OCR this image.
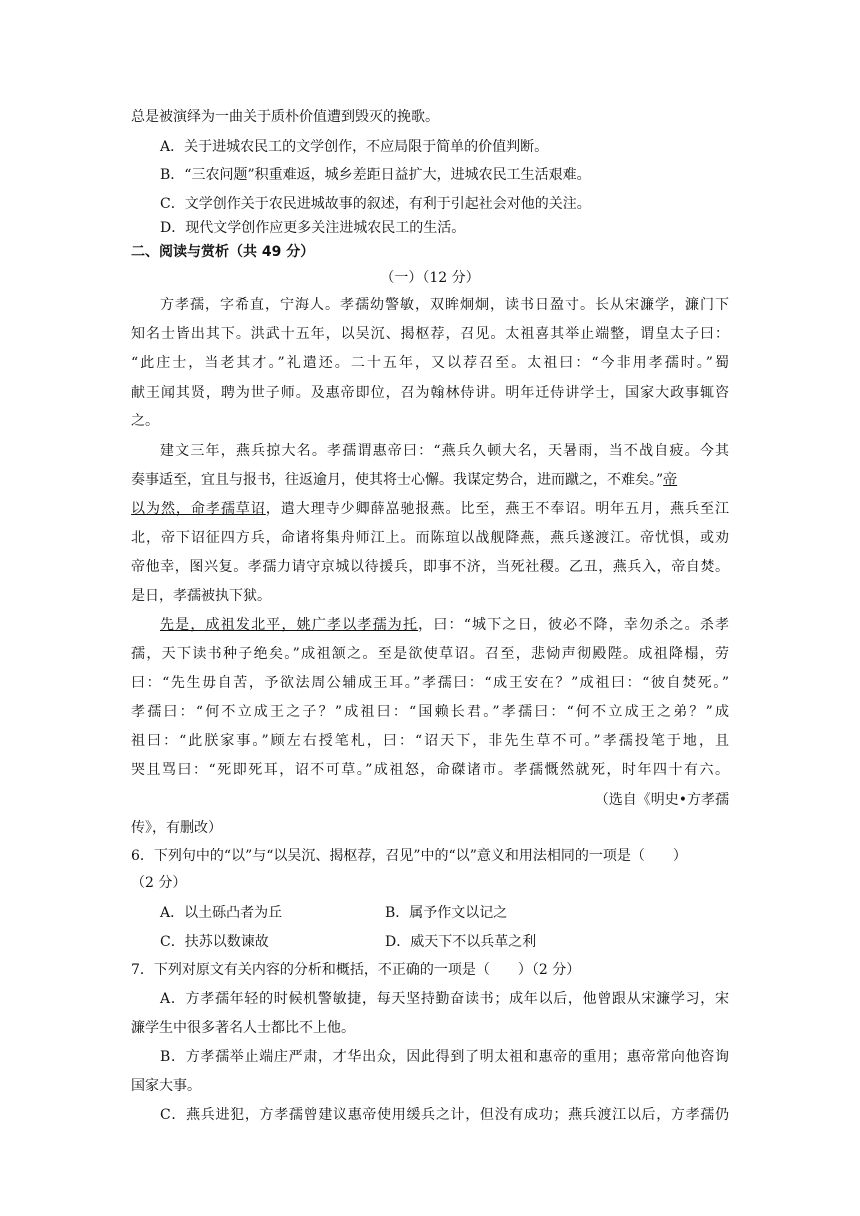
总是被演绎为一曲关于质朴价值遭到毁灭的挽歌。
A．关于进城农民工的文学创作，不应局限于简单的价值判断。
B．“三农问题”积重难返，城乡差距日益扩大，进城农民工生活艰难。
C．文学创作关于农民进城故事的叙述，有利于引起社会对他的关注。
D．现代文学创作应更多关注进城农民工的生活。
二、阅读与赏析（共 49 分）
（一）（12 分）
方孝孺，字希直，宁海人。孝孺幼警敏，双眸炯炯，读书日盈寸。长从宋濂学，濂门下
知名士皆出其下。洪武十五年，以吴沉、揭枢荐，召见。太祖喜其举止端整，谓皇太子曰：
“此庄士，当老其才。”礼遣还。二十五年，又以荐召至。太祖曰：“今非用孝孺时。”蜀
献王闻其贤，聘为世子师。及惠帝即位，召为翰林侍讲。明年迁侍讲学士，国家大政事辄咨
之。
建文三年，燕兵掠大名。孝孺谓惠帝曰：“燕兵久顿大名，天暑雨，当不战自疲。今其
奏事适至，宜且与报书，往返逾月，使其将士心懈。我谋定势合，进而蹴之，不难矣。”帝
以为然，命孝孺草诏，遣大理寺少卿薛嵓驰报燕。比至，燕王不奉诏。明年五月，燕兵至江
北，帝下诏征四方兵，命诸将集舟师江上。而陈瑄以战舰降燕，燕兵遂渡江。帝忧惧，或劝
帝他幸，图兴复。孝孺力请守京城以待援兵，即事不济，当死社稷。乙丑，燕兵入，帝自焚。
是日，孝孺被执下狱。
先是，成祖发北平，姚广孝以孝孺为托，曰：“城下之日，彼必不降，幸勿杀之。杀孝
孺，天下读书种子绝矣。”成祖颔之。至是欲使草诏。召至，悲恸声彻殿陛。成祖降榻，劳
曰：“先生毋自苦，予欲法周公辅成王耳。”孝孺曰：“成王安在？”成祖曰：“彼自焚死。”
孝孺曰：“何不立成王之子？”成祖曰：“国赖长君。”孝孺曰：“何不立成王之弟？”成
祖曰：“此朕家事。”顾左右授笔札，曰：“诏天下，非先生草不可。”孝孺投笔于地，且
哭且骂曰：“死即死耳，诏不可草。”成祖怒，命磔诸市。孝孺慨然就死，时年四十有六。
（选自《明史•方孝孺
传》，有删改）
6．下列句中的“以”与“以吴沉、揭枢荐，召见”中的“以”意义和用法相同的一项是（　　）
（2 分）
A．以土砾凸者为丘	B．属予作文以记之
C．扶苏以数谏故	D．威天下不以兵革之利
7．下列对原文有关内容的分析和概括，不正确的一项是（　　）（2 分）
A．方孝孺年轻的时候机警敏捷，每天坚持勤奋读书；成年以后，他曾跟从宋濂学习，宋
濂学生中很多著名人士都比不上他。
B．方孝孺举止端庄严肃，才华出众，因此得到了明太祖和惠帝的重用；惠帝常向他咨询
国家大事。
C．燕兵进犯，方孝孺曾建议惠帝使用缓兵之计，但没有成功；燕兵渡江以后，方孝孺仍
